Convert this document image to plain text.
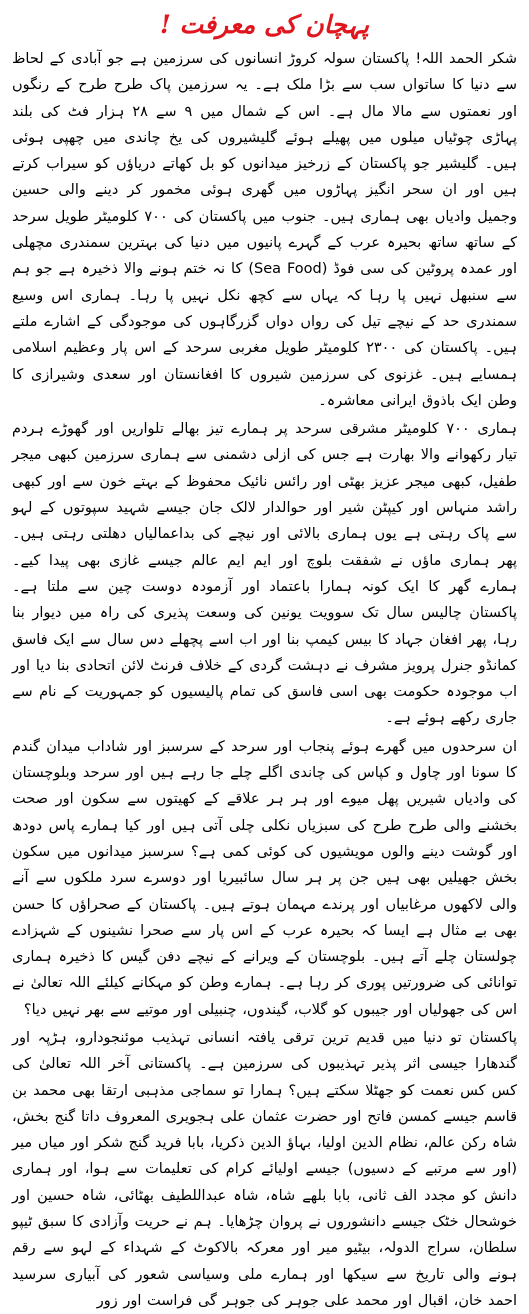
پہچان کی معرفت !

شکر الحمد اللہ! پاکستان سولہ کروڑ انسانوں کی سرزمین ہے جو آبادی کے لحاظ سے دنیا کا ساتواں سب سے بڑا ملک ہے۔ یہ سرزمین پاک طرح طرح کے رنگوں اور نعمتوں سے مالا مال ہے۔ اس کے شمال میں ۹ سے ۲۸ ہزار فٹ کی بلند پہاڑی چوٹیاں میلوں میں پھیلے ہوئے گلیشیروں کی یخ چاندی میں چھپی ہوئی ہیں۔ گلیشیر جو پاکستان کے زرخیز میدانوں کو بل کھاتے دریاؤں کو سیراب کرتے ہیں اور ان سحر انگیز پہاڑوں میں گھری ہوئی مخمور کر دینے والی حسین وجمیل وادیاں بھی ہماری ہیں۔ جنوب میں پاکستان کی ۷۰۰ کلومیٹر طویل سرحد کے ساتھ ساتھ بحیرہ عرب کے گہرے پانیوں میں دنیا کی بہترین سمندری مچھلی اور عمدہ پروٹین کی سی فوڈ (Sea Food) کا نہ ختم ہونے والا ذخیرہ ہے جو ہم سے سنبھل نہیں پا رہا کہ یہاں سے کچھ نکل نہیں پا رہا۔ ہماری اس وسیع سمندری حد کے نیچے تیل کی رواں دواں گزرگاہوں کی موجودگی کے اشارے ملتے ہیں۔ پاکستان کی ۲۳۰۰ کلومیٹر طویل مغربی سرحد کے اس پار وعظیم اسلامی ہمسایے ہیں۔ غزنوی کی سرزمین شیروں کا افغانستان اور سعدی وشیرازی کا وطن ایک باذوق ایرانی معاشرہ۔

ہماری ۷۰۰ کلومیٹر مشرقی سرحد پر ہمارے تیز بھالے تلواریں اور گھوڑے ہردم تیار رکھوانے والا بھارت ہے جس کی ازلی دشمنی سے ہماری سرزمین کبھی میجر طفیل، کبھی میجر عزیز بھٹی اور رائس نائیک محفوظ کے بہتے خون سے اور کبھی راشد منہاس اور کیپٹن شیر اور حوالدار لالک جان جیسے شہید سپوتوں کے لہو سے پاک رہتی ہے یوں ہماری بالائی اور نیچے کی بداعمالیاں دھلتی رہتی ہیں۔ پھر ہماری ماؤں نے شفقت بلوچ اور ایم ایم عالم جیسے غازی بھی پیدا کیے۔ ہمارے گھر کا ایک کونہ ہمارا باعتماد اور آزمودہ دوست چین سے ملتا ہے۔ پاکستان چالیس سال تک سوویت یونین کی وسعت پذیری کی راہ میں دیوار بنا رہا، پھر افغان جہاد کا بیس کیمپ بنا اور اب اسے پچھلے دس سال سے ایک فاسق کمانڈو جنرل پرویز مشرف نے دہشت گردی کے خلاف فرنٹ لائن اتحادی بنا دیا اور اب موجودہ حکومت بھی اسی فاسق کی تمام پالیسیوں کو جمہوریت کے نام سے جاری رکھے ہوئے ہے۔

ان سرحدوں میں گھرے ہوئے پنجاب اور سرحد کے سرسبز اور شاداب میدان گندم کا سونا اور چاول و کپاس کی چاندی اگلے چلے جا رہے ہیں اور سرحد وبلوچستان کی وادیاں شیریں پھل میوے اور ہر ہر علاقے کے کھیتوں سے سکون اور صحت بخشنے والی طرح طرح کی سبزیاں نکلی چلی آتی ہیں اور کیا ہمارے پاس دودھ اور گوشت دینے والوں مویشیوں کی کوئی کمی ہے؟ سرسبز میدانوں میں سکون بخش جھیلیں بھی ہیں جن پر ہر سال سائبیریا اور دوسرے سرد ملکوں سے آنے والی لاکھوں مرغابیاں اور پرندے مہمان ہوتے ہیں۔ پاکستان کے صحراؤں کا حسن بھی بے مثال ہے ایسا کہ بحیرہ عرب کے اس پار سے صحرا نشینوں کے شہزادے چولستان چلے آتے ہیں۔ بلوچستان کے ویرانے کے نیچے دفن گیس کا ذخیرہ ہماری توانائی کی ضرورتیں پوری کر رہا ہے۔ ہمارے وطن کو مہکانے کیلئے اللہ تعالیٰ نے اس کی جھولیاں اور جیبوں کو گلاب، گیندوں، چنبیلی اور موتیے سے بھر نہیں دیا؟

پاکستان تو دنیا میں قدیم ترین ترقی یافتہ انسانی تہذیب موئنجودارو، ہڑپہ اور گندھارا جیسی اثر پذیر تہذیبوں کی سرزمین ہے۔ پاکستانی آخر اللہ تعالیٰ کی کس کس نعمت کو جھٹلا سکتے ہیں؟ ہمارا تو سماجی مذہبی ارتقا بھی محمد بن قاسم جیسے کمسن فاتح اور حضرت عثمان علی ہجویری المعروف داتا گنج بخش، شاہ رکن عالم، نظام الدین اولیا، بہاؤ الدین ذکریا، بابا فرید گنج شکر اور میاں میر (اور سے مرتبے کے دسیوں) جیسے اولیائے کرام کی تعلیمات سے ہوا، اور ہماری دانش کو مجدد الف ثانی، بابا بلھے شاہ، شاہ عبداللطیف بھٹائی، شاہ حسین اور خوشحال خٹک جیسے دانشوروں نے پروان چڑھایا۔ ہم نے حریت وآزادی کا سبق ٹیپو سلطان، سراج الدولہ، بیٹیو میر اور معرکہ بالاکوٹ کے شہداء کے لہو سے رقم ہونے والی تاریخ سے سیکھا اور ہمارے ملی وسیاسی شعور کی آبیاری سرسید احمد خان، اقبال اور محمد علی جوہر کی جوہر گی فراست اور زور
